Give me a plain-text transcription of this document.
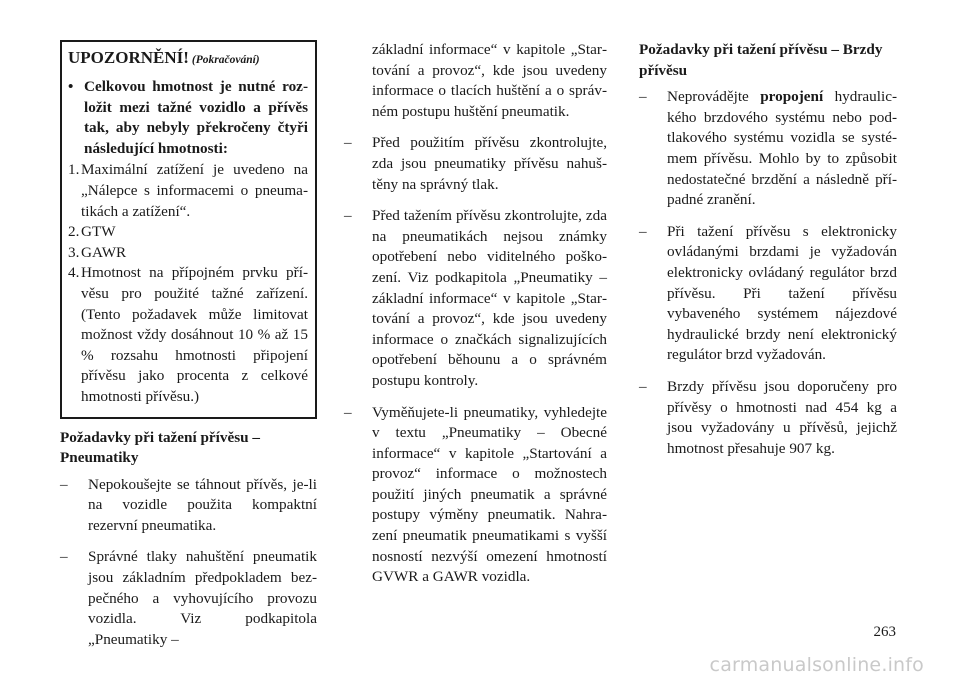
UPOZORNĚNÍ! (Pokračování)
• Celkovou hmotnost je nutné rozložit mezi tažné vozidlo a přívěs tak, aby nebyly překročeny čtyři následující hmotnosti:
1. Maximální zatížení je uvedeno na „Nálepce s informacemi o pneumatikách a zatížení“.
2. GTW
3. GAWR
4. Hmotnost na přípojném prvku přívěsu pro použité tažné zařízení. (Tento požadavek může limitovat možnost vždy dosáhnout 10 % až 15 % rozsahu hmotnosti připojení přívěsu jako procenta z celkové hmotnosti přívěsu.)
Požadavky při tažení přívěsu – Pneumatiky
– Nepokoušejte se táhnout přívěs, je-li na vozidle použita kompaktní rezervní pneumatika.
– Správné tlaky nahuštění pneumatik jsou základním předpokladem bezpečného a vyhovujícího provozu vozidla. Viz podkapitola „Pneumatiky –
základní informace“ v kapitole „Startování a provoz“, kde jsou uvedeny informace o tlacích huštění a o správném postupu huštění pneumatik.
– Před použitím přívěsu zkontrolujte, zda jsou pneumatiky přívěsu nahuštěny na správný tlak.
– Před tažením přívěsu zkontrolujte, zda na pneumatikách nejsou známky opotřebení nebo viditelného poškození. Viz podkapitola „Pneumatiky – základní informace“ v kapitole „Startování a provoz“, kde jsou uvedeny informace o značkách signalizujících opotřebení běhounu a o správném postupu kontroly.
– Vyměňujete-li pneumatiky, vyhledejte v textu „Pneumatiky – Obecné informace“ v kapitole „Startování a provoz“ informace o možnostech použití jiných pneumatik a správné postupy výměny pneumatik. Nahrazení pneumatik pneumatikami s vyšší nosností nezvýší omezení hmotností GVWR a GAWR vozidla.
Požadavky při tažení přívěsu – Brzdy přívěsu
– Neprovádějte propojení hydraulického brzdového systému nebo podtlakového systému vozidla se systémem přívěsu. Mohlo by to způsobit nedostatečné brzdění a následně případné zranění.
– Při tažení přívěsu s elektronicky ovládanými brzdami je vyžadován elektronicky ovládaný regulátor brzd přívěsu. Při tažení přívěsu vybaveného systémem nájezdové hydraulické brzdy není elektronický regulátor brzd vyžadován.
– Brzdy přívěsu jsou doporučeny pro přívěsy o hmotnosti nad 454 kg a jsou vyžadovány u přívěsů, jejichž hmotnost přesahuje 907 kg.
263
carmanualsonline.info
